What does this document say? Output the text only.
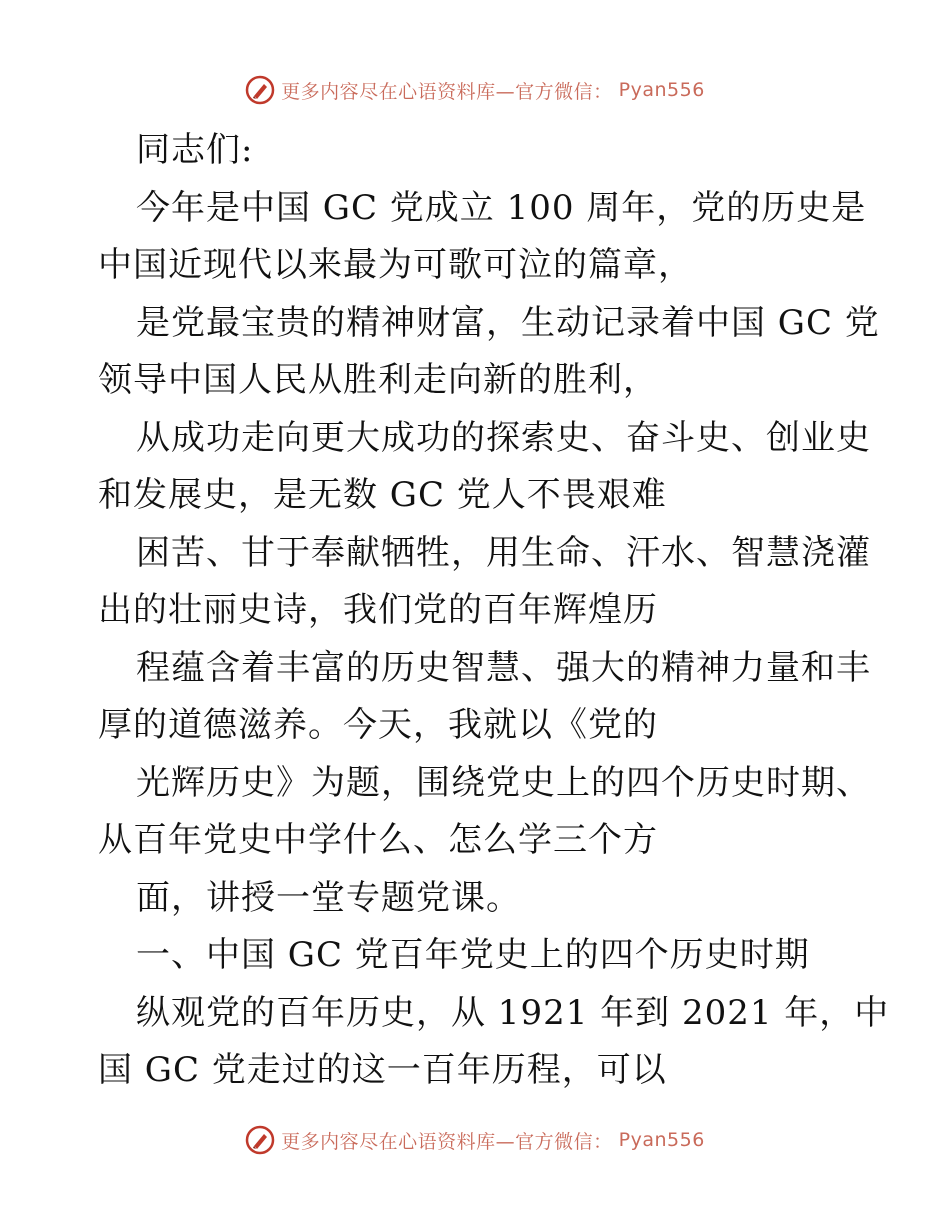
更多内容尽在心语资料库—官方微信： Pyan556
同志们:
今年是中国 GC 党成立 100 周年，党的历史是
中国近现代以来最为可歌可泣的篇章，
是党最宝贵的精神财富，生动记录着中国 GC 党
领导中国人民从胜利走向新的胜利，
从成功走向更大成功的探索史、奋斗史、创业史
和发展史，是无数 GC 党人不畏艰难
困苦、甘于奉献牺牲，用生命、汗水、智慧浇灌
出的壮丽史诗，我们党的百年辉煌历
程蕴含着丰富的历史智慧、强大的精神力量和丰
厚的道德滋养。今天，我就以《党的
光辉历史》为题，围绕党史上的四个历史时期、
从百年党史中学什么、怎么学三个方
面，讲授一堂专题党课。
一、中国 GC 党百年党史上的四个历史时期
纵观党的百年历史，从 1921 年到 2021 年，中
国 GC 党走过的这一百年历程，可以
更多内容尽在心语资料库—官方微信： Pyan556
